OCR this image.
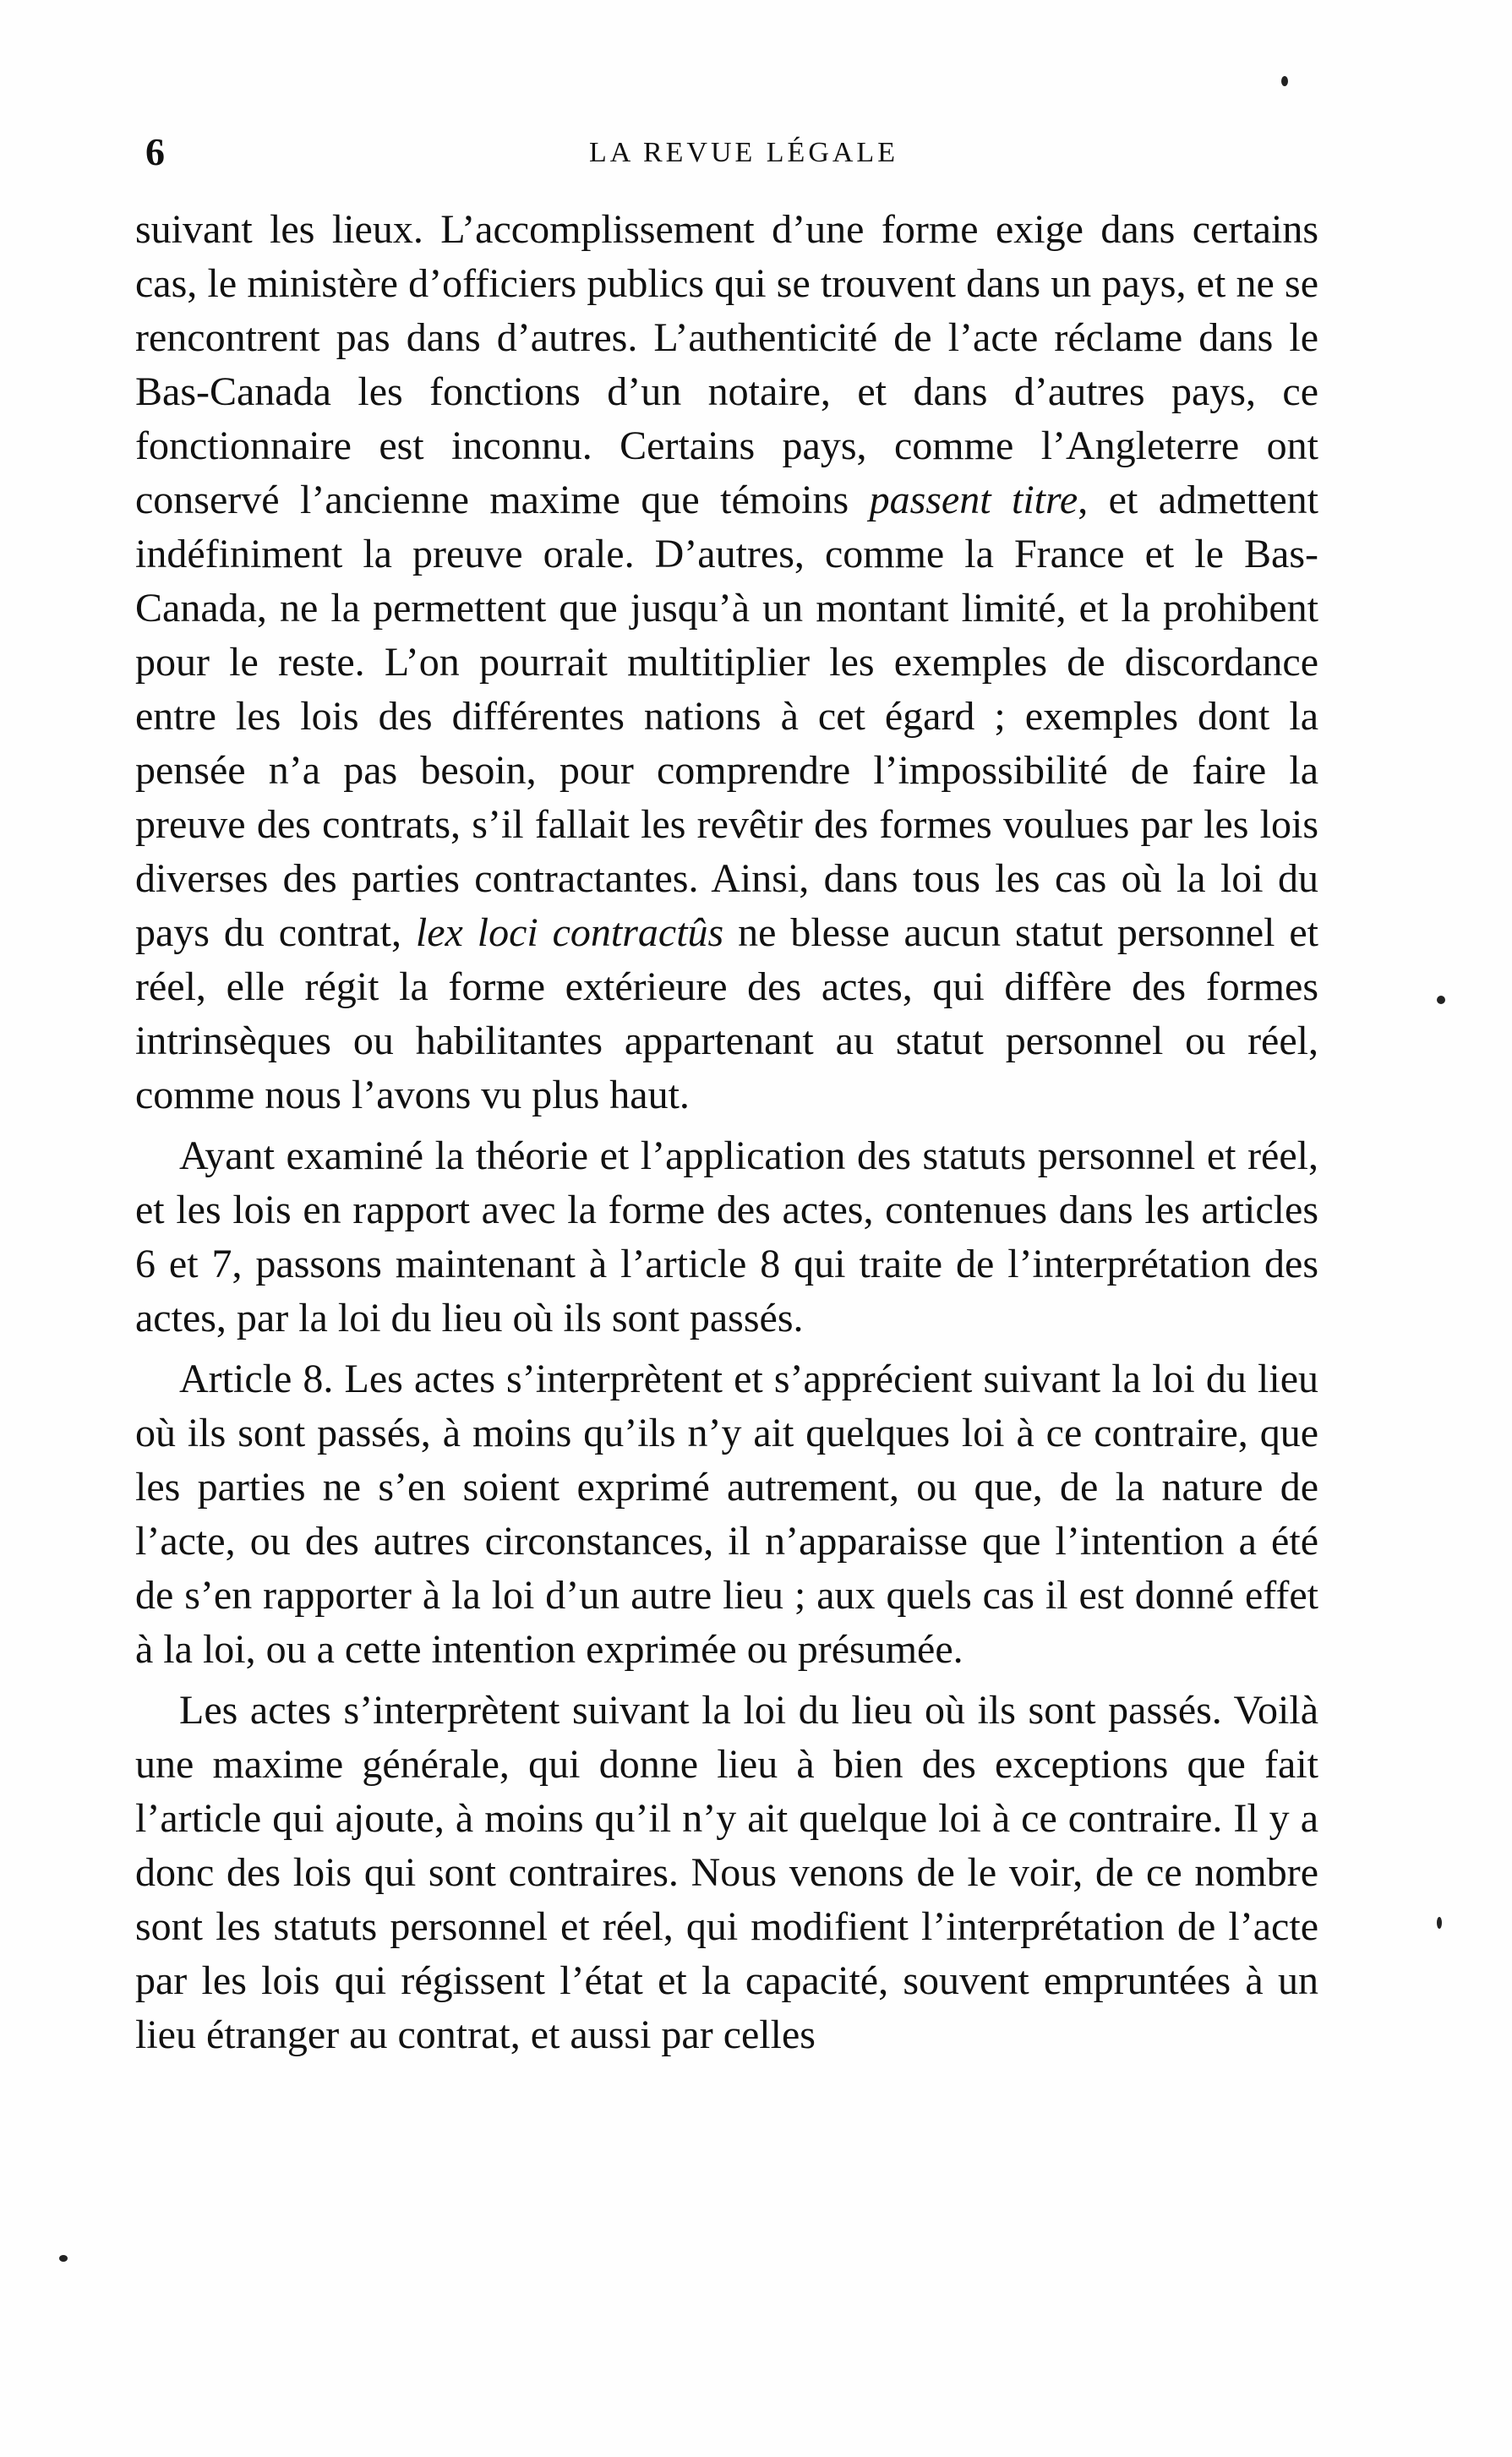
6	LA REVUE LÉGALE

suivant les lieux. L’accomplissement d’une forme exige dans certains cas, le ministère d’officiers publics qui se trouvent dans un pays, et ne se rencontrent pas dans d’autres. L’authenticité de l’acte réclame dans le Bas-Canada les fonctions d’un notaire, et dans d’autres pays, ce fonctionnaire est inconnu. Certains pays, comme l’Angleterre ont conservé l’ancienne maxime que témoins passent titre, et admettent indéfiniment la preuve orale. D’autres, comme la France et le Bas-Canada, ne la permettent que jusqu’à un montant limité, et la prohibent pour le reste. L’on pourrait multitiplier les exemples de discordance entre les lois des différentes nations à cet égard ; exemples dont la pensée n’a pas besoin, pour comprendre l’impossibilité de faire la preuve des contrats, s’il fallait les revêtir des formes voulues par les lois diverses des parties contractantes. Ainsi, dans tous les cas où la loi du pays du contrat, lex loci contractûs ne blesse aucun statut personnel et réel, elle régit la forme extérieure des actes, qui diffère des formes intrinsèques ou habilitantes appartenant au statut personnel ou réel, comme nous l’avons vu plus haut.

Ayant examiné la théorie et l’application des statuts personnel et réel, et les lois en rapport avec la forme des actes, contenues dans les articles 6 et 7, passons maintenant à l’article 8 qui traite de l’interprétation des actes, par la loi du lieu où ils sont passés.

Article 8. Les actes s’interprètent et s’apprécient suivant la loi du lieu où ils sont passés, à moins qu’ils n’y ait quelques loi à ce contraire, que les parties ne s’en soient exprimé autrement, ou que, de la nature de l’acte, ou des autres circonstances, il n’apparaisse que l’intention a été de s’en rapporter à la loi d’un autre lieu ; aux quels cas il est donné effet à la loi, ou a cette intention exprimée ou présumée.

Les actes s’interprètent suivant la loi du lieu où ils sont passés. Voilà une maxime générale, qui donne lieu à bien des exceptions que fait l’article qui ajoute, à moins qu’il n’y ait quelque loi à ce contraire. Il y a donc des lois qui sont contraires. Nous venons de le voir, de ce nombre sont les statuts personnel et réel, qui modifient l’interprétation de l’acte par les lois qui régissent l’état et la capacité, souvent empruntées à un lieu étranger au contrat, et aussi par celles
